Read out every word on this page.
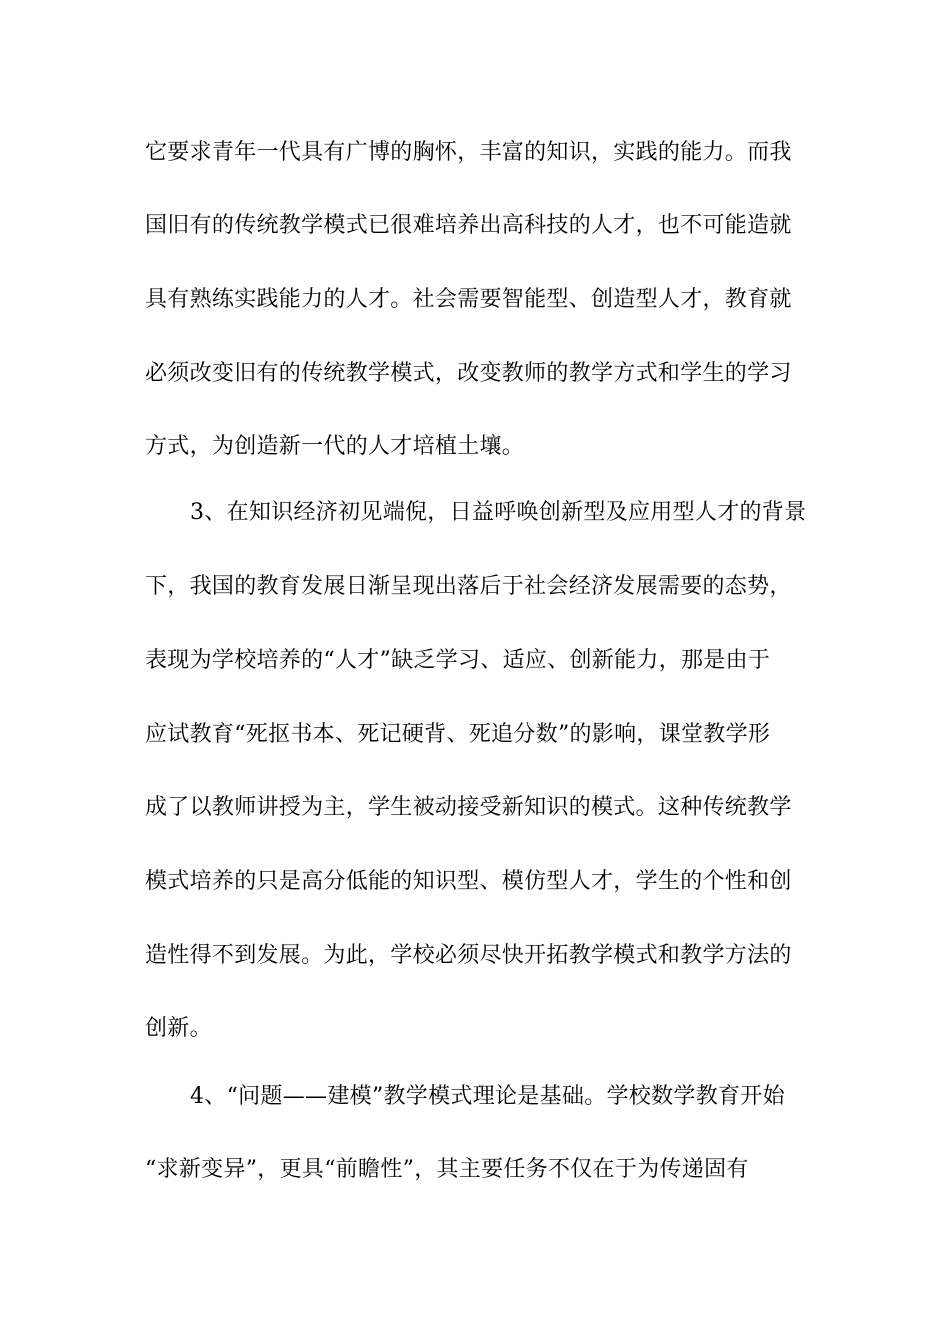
它要求青年一代具有广博的胸怀，丰富的知识，实践的能力。而我
国旧有的传统教学模式已很难培养出高科技的人才，也不可能造就
具有熟练实践能力的人才。社会需要智能型、创造型人才，教育就
必须改变旧有的传统教学模式，改变教师的教学方式和学生的学习
方式，为创造新一代的人才培植土壤。
3、在知识经济初见端倪，日益呼唤创新型及应用型人才的背景
下，我国的教育发展日渐呈现出落后于社会经济发展需要的态势，
表现为学校培养的“人才”缺乏学习、适应、创新能力，那是由于
应试教育“死抠书本、死记硬背、死追分数”的影响，课堂教学形
成了以教师讲授为主，学生被动接受新知识的模式。这种传统教学
模式培养的只是高分低能的知识型、模仿型人才，学生的个性和创
造性得不到发展。为此，学校必须尽快开拓教学模式和教学方法的
创新。
4、“问题——建模”教学模式理论是基础。学校数学教育开始
“求新变异”，更具“前瞻性”，其主要任务不仅在于为传递固有
